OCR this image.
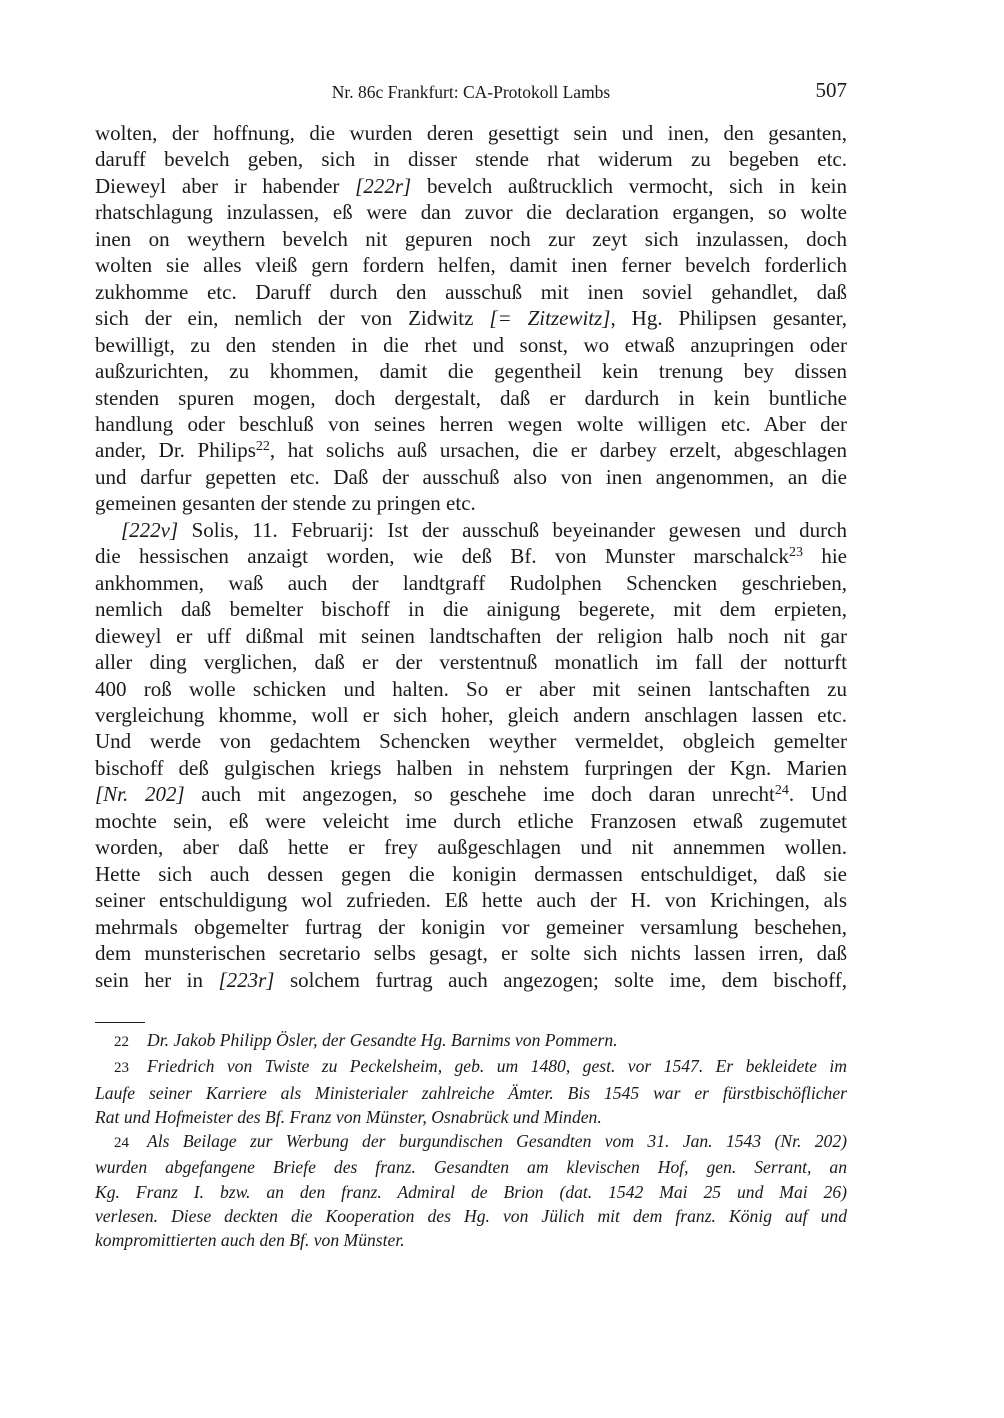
Nr. 86c Frankfurt: CA-Protokoll Lambs	507
wolten, der hoffnung, die wurden deren gesettigt sein und inen, den gesanten,
daruff bevelch geben, sich in disser stende rhat widerum zu begeben etc.
Dieweyl aber ir habender [222r] bevelch außtrucklich vermocht, sich in kein
rhatschlagung inzulassen, eß were dan zuvor die declaration ergangen, so wolte
inen on weythern bevelch nit gepuren noch zur zeyt sich inzulassen, doch
wolten sie alles vleiß gern fordern helfen, damit inen ferner bevelch forderlich
zukhomme etc. Daruff durch den ausschuß mit inen soviel gehandlet, daß
sich der ein, nemlich der von Zidwitz [= Zitzewitz], Hg. Philipsen gesanter,
bewilligt, zu den stenden in die rhet und sonst, wo etwaß anzupringen oder
außzurichten, zu khommen, damit die gegentheil kein trenung bey dissen
stenden spuren mogen, doch dergestalt, daß er dardurch in kein buntliche
handlung oder beschluß von seines herren wegen wolte willigen etc. Aber der
ander, Dr. Philips$^{22}$, hat solichs auß ursachen, die er darbey erzelt, abgeschlagen
und darfur gepetten etc. Daß der ausschuß also von inen angenommen, an die
gemeinen gesanten der stende zu pringen etc.
[222v] Solis, 11. Februarij: Ist der ausschuß beyeinander gewesen und durch
die hessischen anzaigt worden, wie deß Bf. von Munster marschalck$^{23}$ hie
ankhommen, waß auch der landtgraff Rudolphen Schencken geschrieben,
nemlich daß bemelter bischoff in die ainigung begerete, mit dem erpieten,
dieweyl er uff dißmal mit seinen landtschaften der religion halb noch nit gar
aller ding verglichen, daß er der verstentnuß monatlich im fall der notturft
400 roß wolle schicken und halten. So er aber mit seinen lantschaften zu
vergleichung khomme, woll er sich hoher, gleich andern anschlagen lassen etc.
Und werde von gedachtem Schencken weyther vermeldet, obgleich gemelter
bischoff deß gulgischen kriegs halben in nehstem furpringen der Kgn. Marien
[Nr. 202] auch mit angezogen, so geschehe ime doch daran unrecht$^{24}$. Und
mochte sein, eß were veleicht ime durch etliche Franzosen etwaß zugemutet
worden, aber daß hette er frey außgeschlagen und nit annemmen wollen.
Hette sich auch dessen gegen die konigin dermassen entschuldiget, daß sie
seiner entschuldigung wol zufrieden. Eß hette auch der H. von Krichingen, als
mehrmals obgemelter furtrag der konigin vor gemeiner versamlung beschehen,
dem munsterischen secretario selbs gesagt, er solte sich nichts lassen irren, daß
sein her in [223r] solchem furtrag auch angezogen; solte ime, dem bischoff,
22 Dr. Jakob Philipp Ösler, der Gesandte Hg. Barnims von Pommern.
23 Friedrich von Twiste zu Peckelsheim, geb. um 1480, gest. vor 1547. Er bekleidete im
Laufe seiner Karriere als Ministerialer zahlreiche Ämter. Bis 1545 war er fürstbischöflicher
Rat und Hofmeister des Bf. Franz von Münster, Osnabrück und Minden.
24 Als Beilage zur Werbung der burgundischen Gesandten vom 31. Jan. 1543 (Nr. 202)
wurden abgefangene Briefe des franz. Gesandten am klevischen Hof, gen. Serrant, an
Kg. Franz I. bzw. an den franz. Admiral de Brion (dat. 1542 Mai 25 und Mai 26)
verlesen. Diese deckten die Kooperation des Hg. von Jülich mit dem franz. König auf und
kompromittierten auch den Bf. von Münster.
